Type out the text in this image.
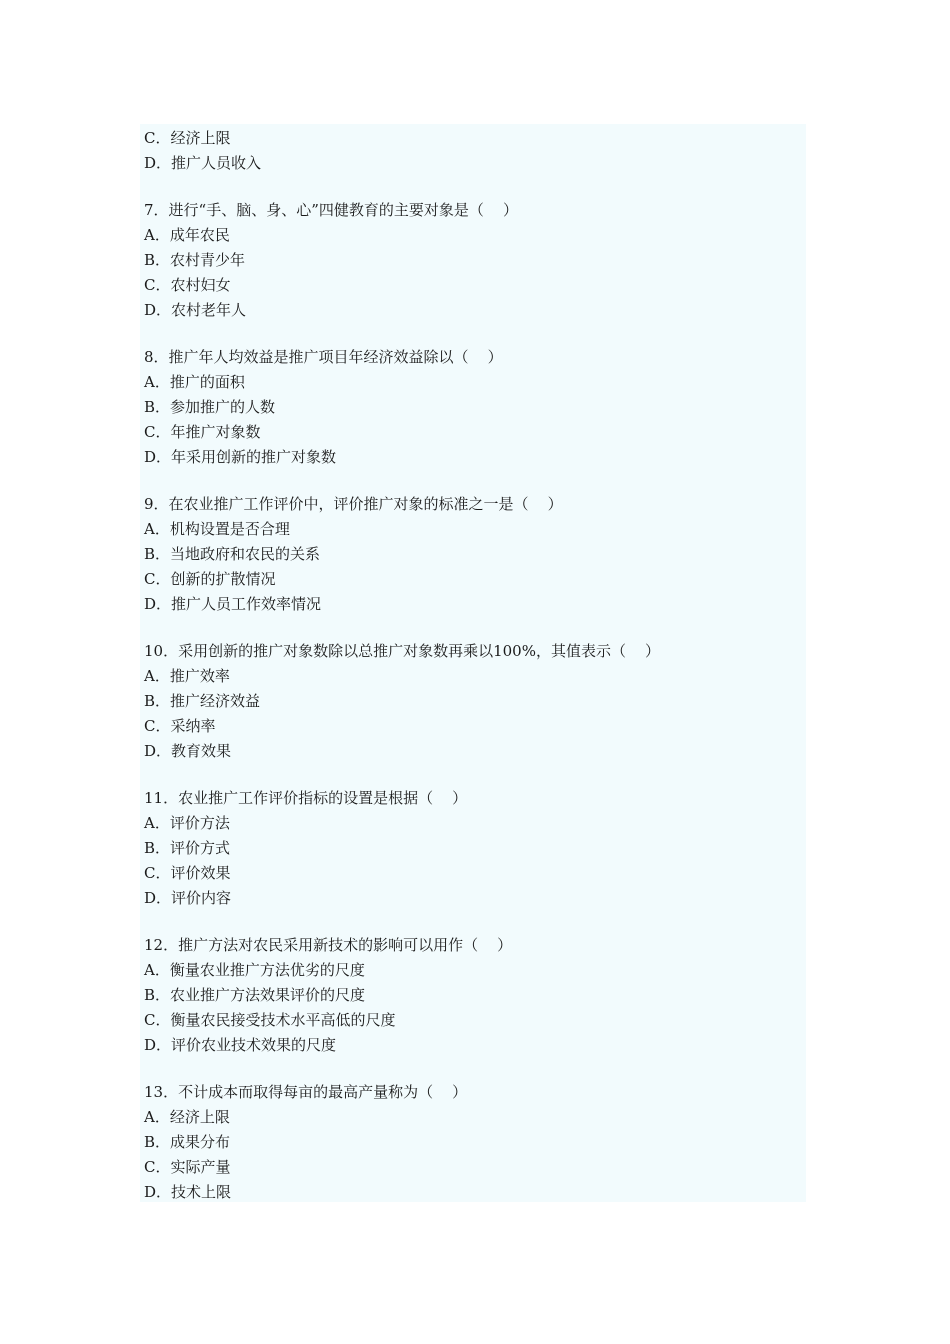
C．经济上限
D．推广人员收入
7．进行“手、脑、身、心”四健教育的主要对象是（    ）
A．成年农民
B．农村青少年
C．农村妇女
D．农村老年人
8．推广年人均效益是推广项目年经济效益除以（    ）
A．推广的面积
B．参加推广的人数
C．年推广对象数
D．年采用创新的推广对象数
9．在农业推广工作评价中，评价推广对象的标准之一是（    ）
A．机构设置是否合理
B．当地政府和农民的关系
C．创新的扩散情况
D．推广人员工作效率情况
10．采用创新的推广对象数除以总推广对象数再乘以100%，其值表示（    ）
A．推广效率
B．推广经济效益
C．采纳率
D．教育效果
11．农业推广工作评价指标的设置是根据（    ）
A．评价方法
B．评价方式
C．评价效果
D．评价内容
12．推广方法对农民采用新技术的影响可以用作（    ）
A．衡量农业推广方法优劣的尺度
B．农业推广方法效果评价的尺度
C．衡量农民接受技术水平高低的尺度
D．评价农业技术效果的尺度
13．不计成本而取得每亩的最高产量称为（    ）
A．经济上限
B．成果分布
C．实际产量
D．技术上限
